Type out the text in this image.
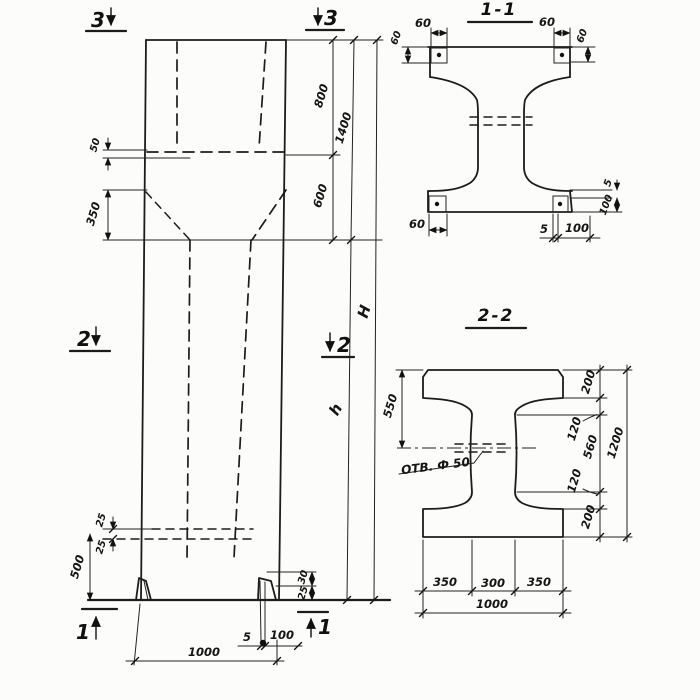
50
350
25
25
500
5 100
30
25
1000
800
1400
600
H
h
3	3
2	2
1	1
1-1
60	60
60	60
60	5 100
5
100
2-2
ОТВ. Ф 50
550
200
120
560
120
200
1200
350 300 350
1000
